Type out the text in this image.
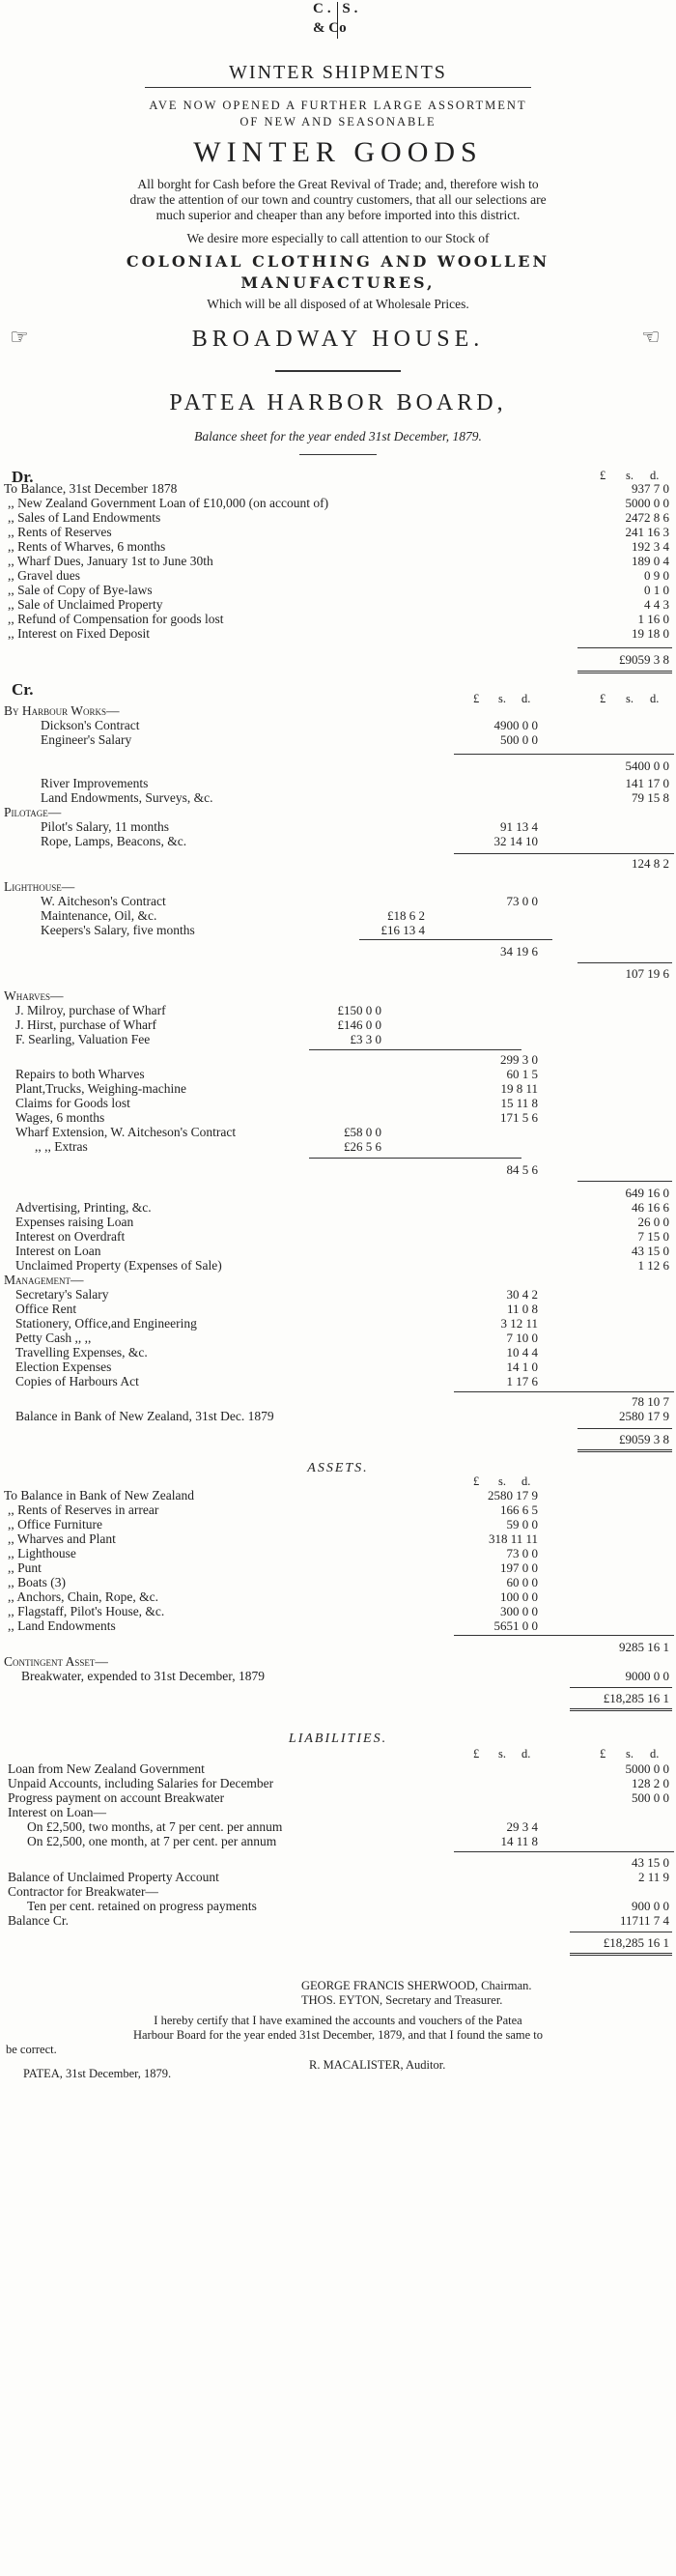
C. S.
& Co
WINTER SHIPMENTS
AVE NOW OPENED A FURTHER LARGE ASSORTMENT
OF NEW AND SEASONABLE
WINTER GOODS
All borght for Cash before the Great Revival of Trade; and, therefore wish to
draw the attention of our town and country customers, that all our selections are
much superior and cheaper than any before imported into this district.
We desire more especially to call attention to our Stock of
COLONIAL CLOTHING AND WOOLLEN
MANUFACTURES,
Which will be all disposed of at Wholesale Prices.
☞	BROADWAY HOUSE.	☜
PATEA HARBOR BOARD,
Balance sheet for the year ended 31st December, 1879.
Dr.	£ s. d.
To Balance, 31st December 1878	937 7 0
,, New Zealand Government Loan of £10,000 (on account of)	5000 0 0
,, Sales of Land Endowments	2472 8 6
,, Rents of Reserves	241 16 3
,, Rents of Wharves, 6 months	192 3 4
,, Wharf Dues, January 1st to June 30th	189 0 4
,, Gravel dues	0 9 0
,, Sale of Copy of Bye-laws	0 1 0
,, Sale of Unclaimed Property	4 4 3
,, Refund of Compensation for goods lost	1 16 0
,, Interest on Fixed Deposit	19 18 0
£9059 3 8
Cr.	£ s. d.	£ s. d.
By Harbour Works—
Dickson's Contract	4900 0 0
Engineer's Salary	500 0 0
5400 0 0
River Improvements	141 17 0
Land Endowments, Surveys, &c.	79 15 8
Pilotage—
Pilot's Salary, 11 months	91 13 4
Rope, Lamps, Beacons, &c.	32 14 10
124 8 2
Lighthouse—
W. Aitcheson's Contract	73 0 0
Maintenance, Oil, &c.	£18 6 2
Keepers's Salary, five months	£16 13 4
34 19 6
107 19 6
Wharves—
J. Milroy, purchase of Wharf	£150 0 0
J. Hirst, purchase of Wharf	£146 0 0
F. Searling, Valuation Fee	£3 3 0
299 3 0
Repairs to both Wharves	60 1 5
Plant,Trucks, Weighing-machine	19 8 11
Claims for Goods lost	15 11 8
Wages, 6 months	171 5 6
Wharf Extension, W. Aitcheson's Contract	£58 0 0
,, ,, Extras	£26 5 6
84 5 6
649 16 0
Advertising, Printing, &c.	46 16 6
Expenses raising Loan	26 0 0
Interest on Overdraft	7 15 0
Interest on Loan	43 15 0
Unclaimed Property (Expenses of Sale)	1 12 6
Management—
Secretary's Salary	30 4 2
Office Rent	11 0 8
Stationery, Office,and Engineering	3 12 11
Petty Cash ,, ,,	7 10 0
Travelling Expenses, &c.	10 4 4
Election Expenses	14 1 0
Copies of Harbours Act	1 17 6
78 10 7
Balance in Bank of New Zealand, 31st Dec. 1879	2580 17 9
£9059 3 8
ASSETS.
£ s. d.
To Balance in Bank of New Zealand	2580 17 9
,, Rents of Reserves in arrear	166 6 5
,, Office Furniture	59 0 0
,, Wharves and Plant	318 11 11
,, Lighthouse	73 0 0
,, Punt	197 0 0
,, Boats (3)	60 0 0
,, Anchors, Chain, Rope, &c.	100 0 0
,, Flagstaff, Pilot's House, &c.	300 0 0
,, Land Endowments	5651 0 0
9285 16 1
Contingent Asset—
Breakwater, expended to 31st December, 1879	9000 0 0
£18,285 16 1
LIABILITIES.
£ s. d.	£ s. d.
Loan from New Zealand Government	5000 0 0
Unpaid Accounts, including Salaries for December	128 2 0
Progress payment on account Breakwater	500 0 0
Interest on Loan—
On £2,500, two months, at 7 per cent. per annum	29 3 4
On £2,500, one month, at 7 per cent. per annum	14 11 8
43 15 0
Balance of Unclaimed Property Account	2 11 9
Contractor for Breakwater—
Ten per cent. retained on progress payments	900 0 0
Balance Cr.	11711 7 4
£18,285 16 1
GEORGE FRANCIS SHERWOOD, Chairman.
THOS. EYTON, Secretary and Treasurer.
I hereby certify that I have examined the accounts and vouchers of the Patea
Harbour Board for the year ended 31st December, 1879, and that I found the same to
be correct.
PATEA, 31st December, 1879.
R. MACALISTER, Auditor.
